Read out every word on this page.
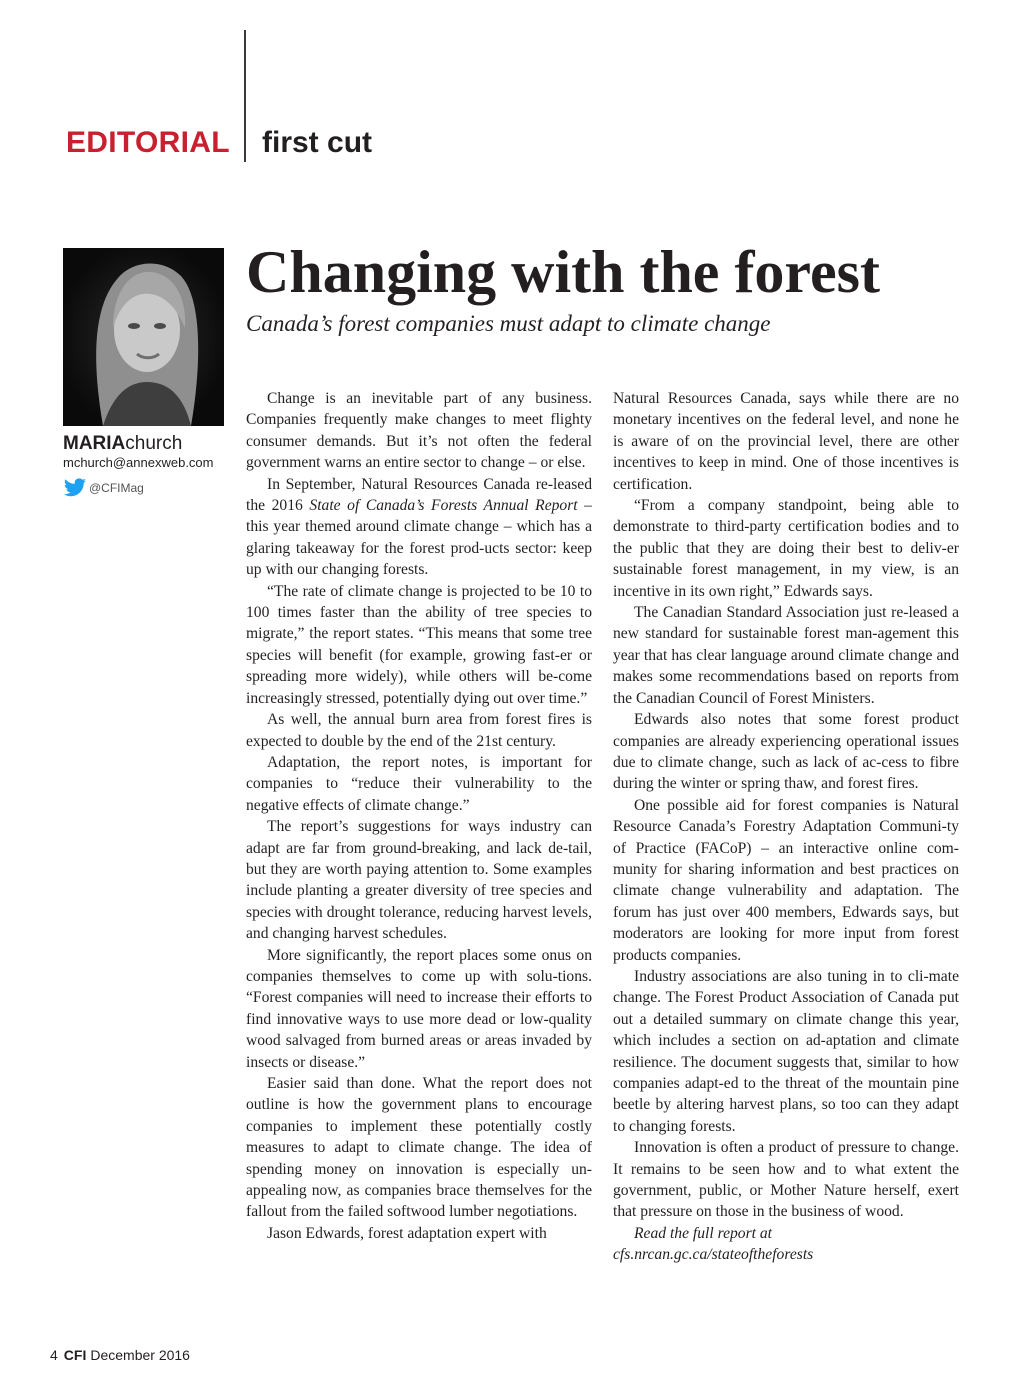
EDITORIAL first cut
Changing with the forest

Canada’s forest companies must adapt to climate change

MARIAchurch
mchurch@annexweb.com
@CFIMag

Change is an inevitable part of any business. Companies frequently make changes to meet flighty consumer demands. But it’s not often the federal government warns an entire sector to change – or else.

In September, Natural Resources Canada re-leased the 2016 State of Canada’s Forests Annual Report – this year themed around climate change – which has a glaring takeaway for the forest prod-ucts sector: keep up with our changing forests.

“The rate of climate change is projected to be 10 to 100 times faster than the ability of tree species to migrate,” the report states. “This means that some tree species will benefit (for example, growing fast-er or spreading more widely), while others will be-come increasingly stressed, potentially dying out over time.”

As well, the annual burn area from forest fires is expected to double by the end of the 21st century.

Adaptation, the report notes, is important for companies to “reduce their vulnerability to the negative effects of climate change.”

The report’s suggestions for ways industry can adapt are far from ground-breaking, and lack de-tail, but they are worth paying attention to. Some examples include planting a greater diversity of tree species and species with drought tolerance, reducing harvest levels, and changing harvest schedules.

More significantly, the report places some onus on companies themselves to come up with solu-tions. “Forest companies will need to increase their efforts to find innovative ways to use more dead or low-quality wood salvaged from burned areas or areas invaded by insects or disease.”

Easier said than done. What the report does not outline is how the government plans to encourage companies to implement these potentially costly measures to adapt to climate change. The idea of spending money on innovation is especially un-appealing now, as companies brace themselves for the fallout from the failed softwood lumber negotiations.

Jason Edwards, forest adaptation expert with

Natural Resources Canada, says while there are no monetary incentives on the federal level, and none he is aware of on the provincial level, there are other incentives to keep in mind. One of those incentives is certification.

“From a company standpoint, being able to demonstrate to third-party certification bodies and to the public that they are doing their best to deliv-er sustainable forest management, in my view, is an incentive in its own right,” Edwards says.

The Canadian Standard Association just re-leased a new standard for sustainable forest man-agement this year that has clear language around climate change and makes some recommendations based on reports from the Canadian Council of Forest Ministers.

Edwards also notes that some forest product companies are already experiencing operational issues due to climate change, such as lack of ac-cess to fibre during the winter or spring thaw, and forest fires.

One possible aid for forest companies is Natural Resource Canada’s Forestry Adaptation Communi-ty of Practice (FACoP) – an interactive online com-munity for sharing information and best practices on climate change vulnerability and adaptation. The forum has just over 400 members, Edwards says, but moderators are looking for more input from forest products companies.

Industry associations are also tuning in to cli-mate change. The Forest Product Association of Canada put out a detailed summary on climate change this year, which includes a section on ad-aptation and climate resilience. The document suggests that, similar to how companies adapt-ed to the threat of the mountain pine beetle by altering harvest plans, so too can they adapt to changing forests.

Innovation is often a product of pressure to change. It remains to be seen how and to what extent the government, public, or Mother Nature herself, exert that pressure on those in the business of wood.

Read the full report at cfs.nrcan.gc.ca/stateoftheforests

4 CFI December 2016
